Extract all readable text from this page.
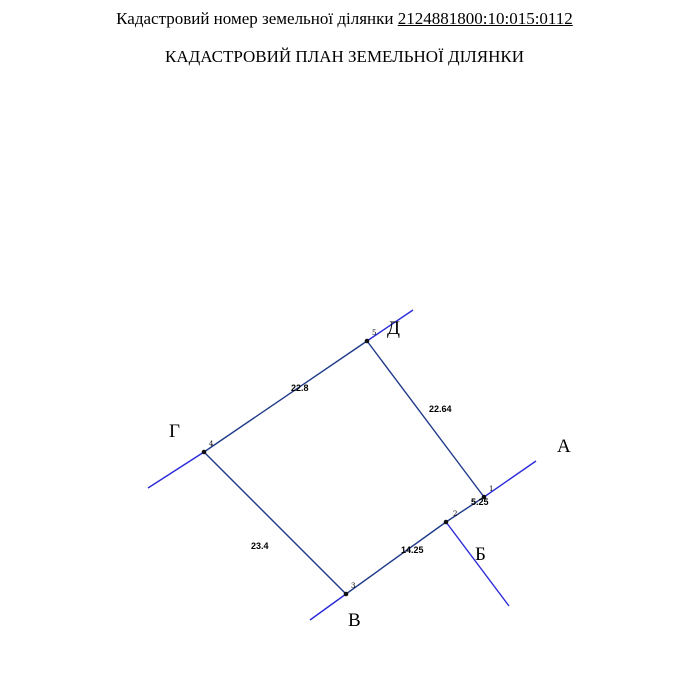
Кадастровий номер земельної ділянки 2124881800:10:015:0112
КАДАСТРОВИЙ ПЛАН ЗЕМЕЛЬНОЇ ДІЛЯНКИ
1
2
3
4
5
5.25
14.25
23.4
22.8
22.64
А
Б
В
Г
Д
